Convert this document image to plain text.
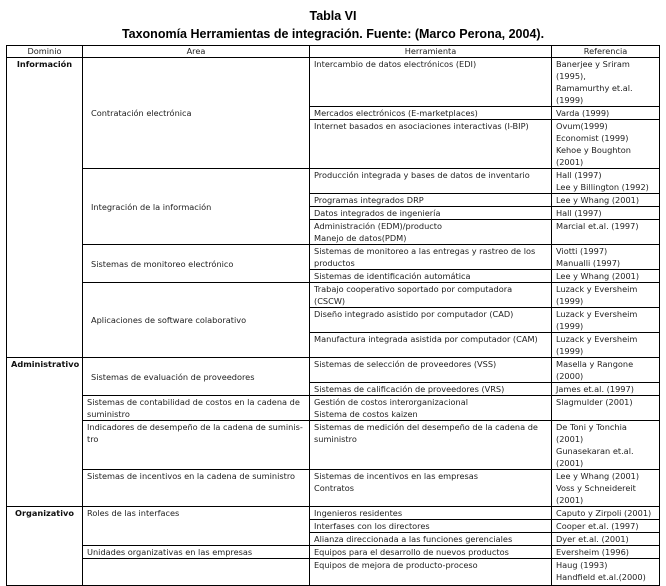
Tabla VI
Taxonomía Herramientas de integración. Fuente: (Marco Perona, 2004).
Dominio	Area	Herramienta	Referencia
Información	Contratación electrónica	Intercambio de datos electrónicos (EDI)	Banerjee y Sriram (1995),
Ramamurthy et.al.
(1999)

		Mercados electrónicos (E-marketplaces)	Varda (1999)

		Internet basados en asociaciones interactivas (I-BIP)	Ovum(1999)
Economist (1999)
Kehoe y Boughton (2001)

	Integración de la información	Producción integrada y bases de datos de inventario	Hall (1997)
Lee y Billington (1992)

		Programas integrados DRP	Lee y Whang (2001)

		Datos integrados de ingeniería	Hall (1997)

		Administración (EDM)/producto
Manejo de datos(PDM)	Marcial et.al. (1997)

	Sistemas de monitoreo electrónico	Sistemas de monitoreo a las entregas y rastreo de los
productos	Viotti (1997)
Manualli (1997)

		Sistemas de identificación automática	Lee y Whang (2001)

	Aplicaciones de software colaborativo	Trabajo cooperativo soportado por computadora
(CSCW)	Luzack y Eversheim
(1999)

		Diseño integrado asistido por computador (CAD)	Luzack y Eversheim
(1999)

		Manufactura integrada asistida por computador (CAM)	Luzack y Eversheim
(1999)

Administrativo	Sistemas de evaluación de proveedores	Sistemas de selección de proveedores (VSS)	Masella y Rangone
(2000)

		Sistemas de calificación de proveedores (VRS)	James et.al. (1997)

	Sistemas de contabilidad de costos en la cadena de suministro	Gestión de costos interorganizacional
Sistema de costos kaizen	Slagmulder (2001)

	Indicadores de desempeño de la cadena de suminis-tro	Sistemas de medición del desempeño de la cadena de
suministro	De Toni y Tonchia (2001)
Gunasekaran et.al.(2001)

	Sistemas de incentivos en la cadena de suministro	Sistemas de incentivos en las empresas
Contratos	Lee y Whang (2001)
Voss y Schneidereit
(2001)

Organizativo	Roles de las interfaces	Ingenieros residentes	Caputo y Zirpoli (2001)

		Interfases con los directores	Cooper et.al. (1997)

		Alianza direccionada a las funciones gerenciales	Dyer et.al. (2001)

	Unidades organizativas en las empresas	Equipos para el desarrollo de nuevos productos	Eversheim (1996)

		Equipos de mejora de producto-proceso	Haug (1993)
Handfield et.al.(2000)
